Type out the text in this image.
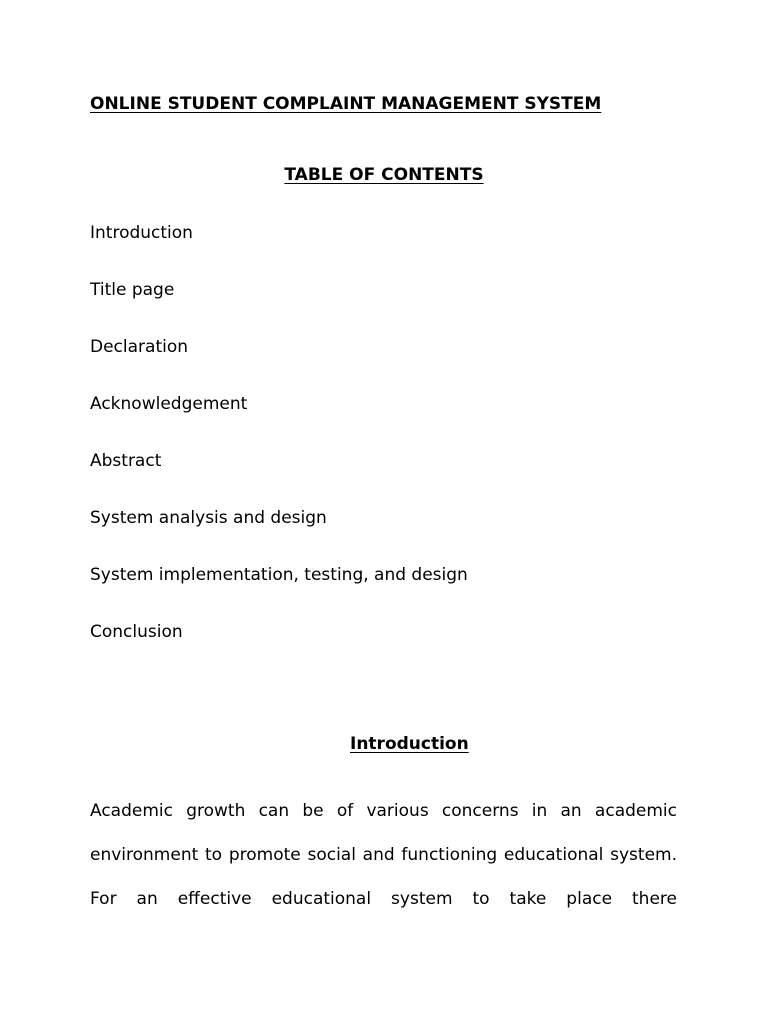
ONLINE STUDENT COMPLAINT MANAGEMENT SYSTEM
TABLE OF CONTENTS
Introduction
Title page
Declaration
Acknowledgement
Abstract
System analysis and design
System implementation, testing, and design
Conclusion
Introduction

Academic growth can be of various concerns in an academic environment to promote social and functioning educational system. For an effective educational system to take place there
